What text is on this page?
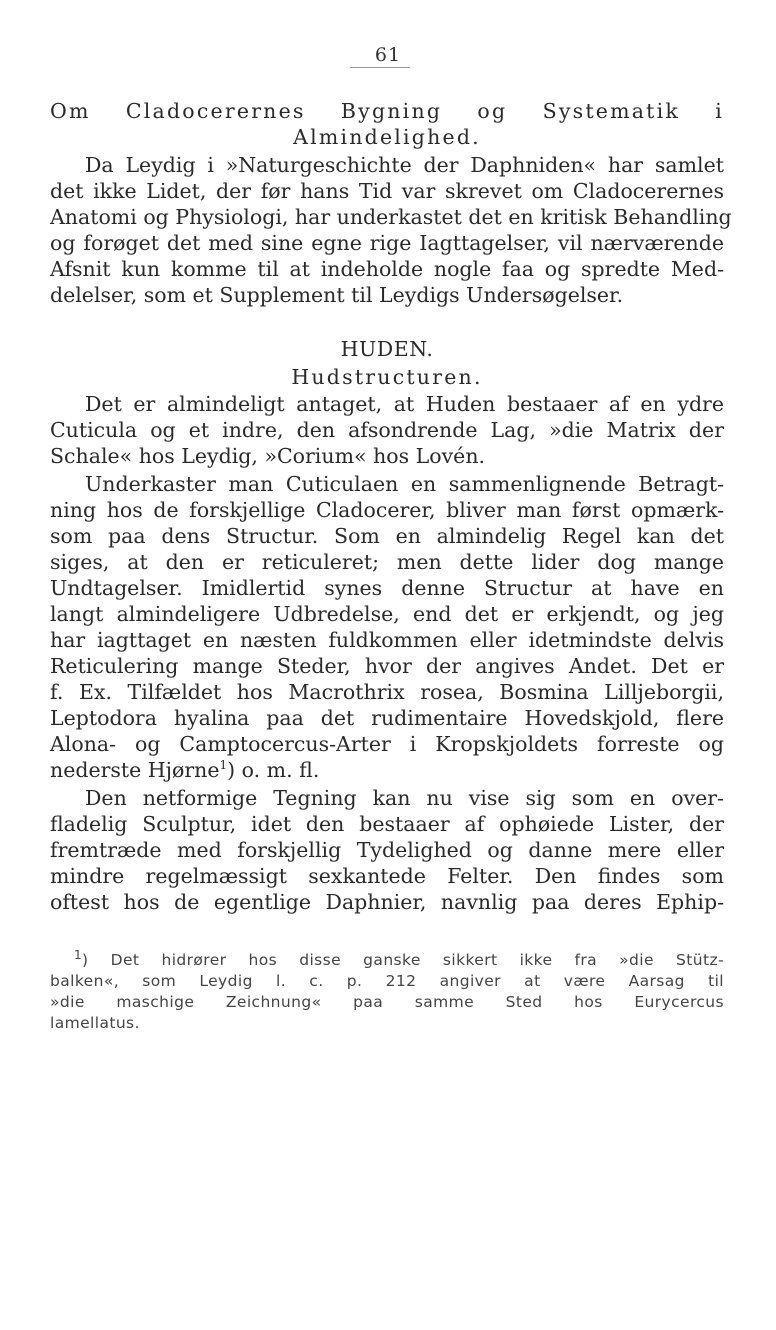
61
Om Cladocerernes Bygning og Systematik i
Almindelighed.
Da Leydig i »Naturgeschichte der Daphniden« har samlet
det ikke Lidet, der før hans Tid var skrevet om Cladocerernes
Anatomi og Physiologi, har underkastet det en kritisk Behandling
og forøget det med sine egne rige Iagttagelser, vil nærværende
Afsnit kun komme til at indeholde nogle faa og spredte Med-
delelser, som et Supplement til Leydigs Undersøgelser.
HUDEN.
Hudstructuren.
Det er almindeligt antaget, at Huden bestaaer af en ydre
Cuticula og et indre, den afsondrende Lag, »die Matrix der
Schale« hos Leydig, »Corium« hos Lovén.
Underkaster man Cuticulaen en sammenlignende Betragt-
ning hos de forskjellige Cladocerer, bliver man først opmærk-
som paa dens Structur. Som en almindelig Regel kan det
siges, at den er reticuleret; men dette lider dog mange
Undtagelser. Imidlertid synes denne Structur at have en
langt almindeligere Udbredelse, end det er erkjendt, og jeg
har iagttaget en næsten fuldkommen eller idetmindste delvis
Reticulering mange Steder, hvor der angives Andet. Det er
f. Ex. Tilfældet hos Macrothrix rosea, Bosmina Lilljeborgii,
Leptodora hyalina paa det rudimentaire Hovedskjold, flere
Alona- og Camptocercus-Arter i Kropskjoldets forreste og
nederste Hjørne$^1$) o. m. fl.
Den netformige Tegning kan nu vise sig som en over-
fladelig Sculptur, idet den bestaaer af ophøiede Lister, der
fremtræde med forskjellig Tydelighed og danne mere eller
mindre regelmæssigt sexkantede Felter. Den findes som
oftest hos de egentlige Daphnier, navnlig paa deres Ephip-
$^1$) Det hidrører hos disse ganske sikkert ikke fra »die Stütz-
balken«, som Leydig l. c. p. 212 angiver at være Aarsag til
»die maschige Zeichnung« paa samme Sted hos Eurycercus
lamellatus.
